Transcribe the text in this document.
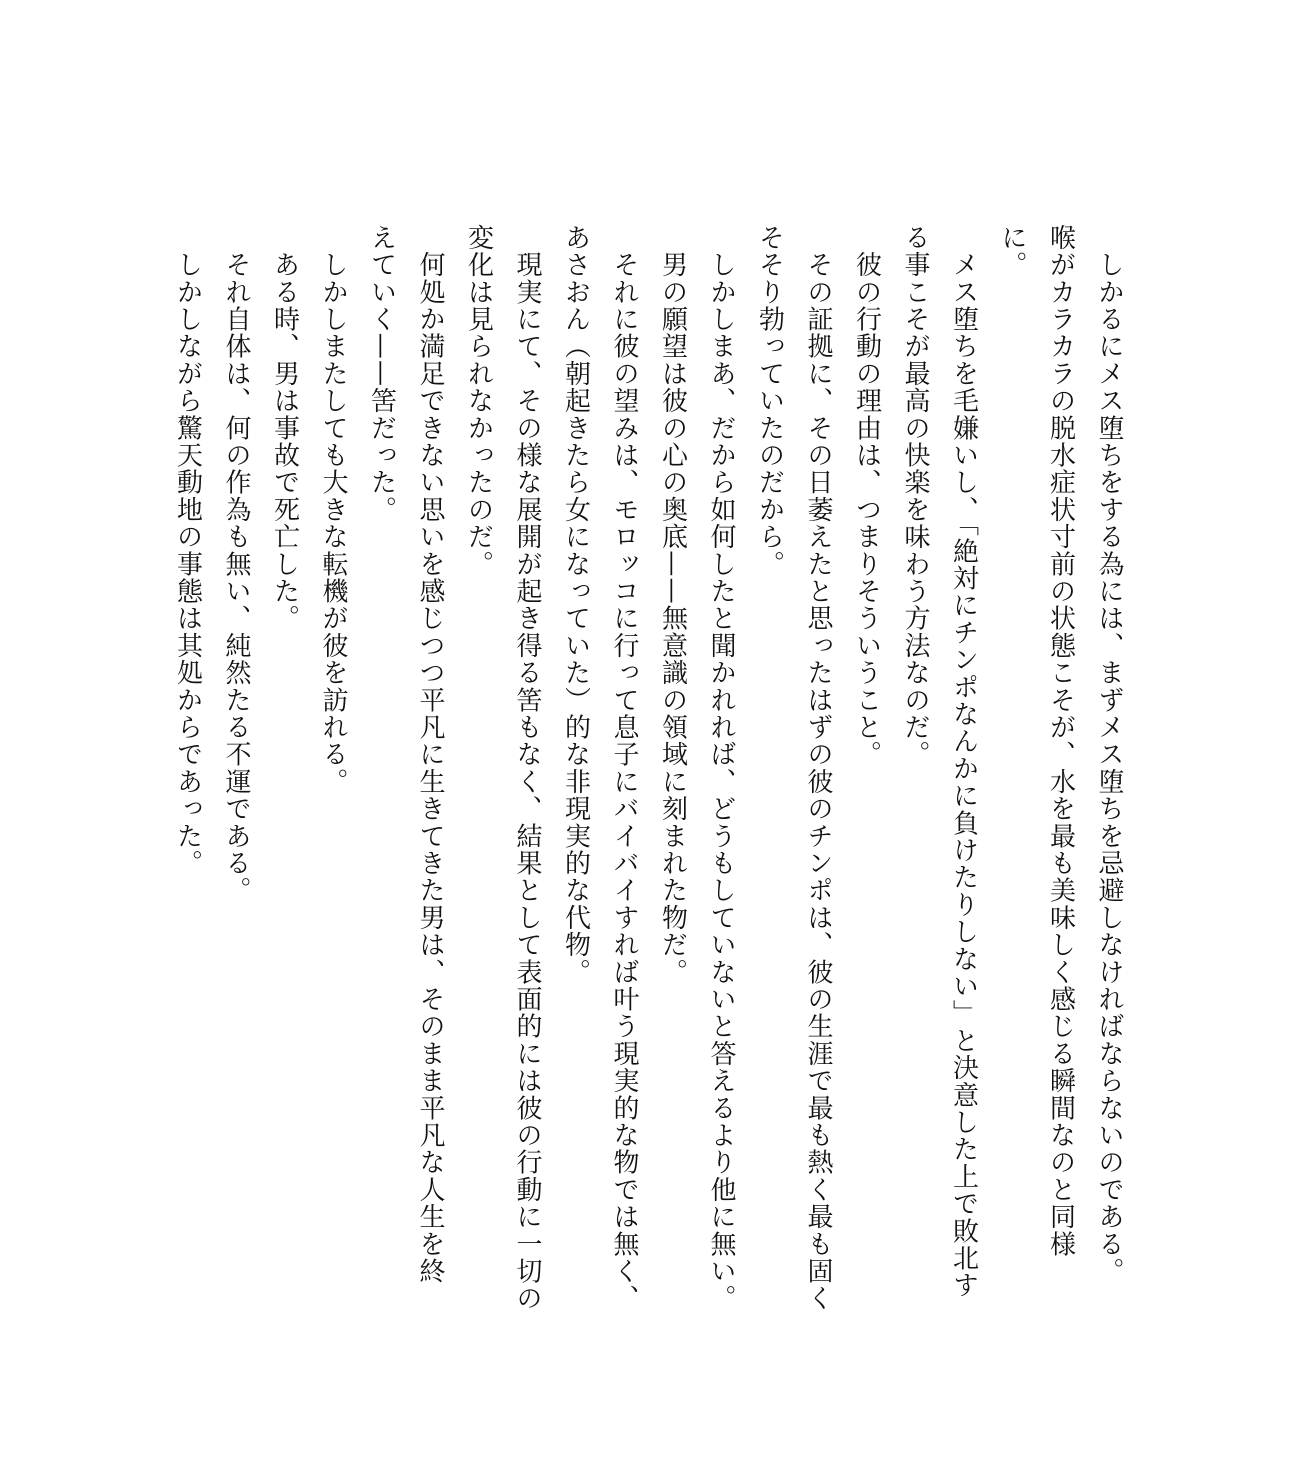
　しかるにメス堕ちをする為には、まずメス堕ちを忌避しなければならないのである。
喉がカラカラの脱水症状寸前の状態こそが、水を最も美味しく感じる瞬間なのと同様
に。
　メス堕ちを毛嫌いし、「絶対にチンポなんかに負けたりしない」と決意した上で敗北す
る事こそが最高の快楽を味わう方法なのだ。
　彼の行動の理由は、つまりそういうこと。
　その証拠に、その日萎えたと思ったはずの彼のチンポは、彼の生涯で最も熱く最も固く
そそり勃っていたのだから。
　しかしまあ、だから如何したと聞かれれば、どうもしていないと答えるより他に無い。
　男の願望は彼の心の奥底——無意識の領域に刻まれた物だ。
　それに彼の望みは、モロッコに行って息子にバイバイすれば叶う現実的な物では無く、
あさおん（朝起きたら女になっていた）的な非現実的な代物。
　現実にて、その様な展開が起き得る筈もなく、結果として表面的には彼の行動に一切の
変化は見られなかったのだ。
　何処か満足できない思いを感じつつ平凡に生きてきた男は、そのまま平凡な人生を終
えていく——筈だった。
　しかしまたしても大きな転機が彼を訪れる。
　ある時、男は事故で死亡した。
　それ自体は、何の作為も無い、純然たる不運である。
　しかしながら驚天動地の事態は其処からであった。
